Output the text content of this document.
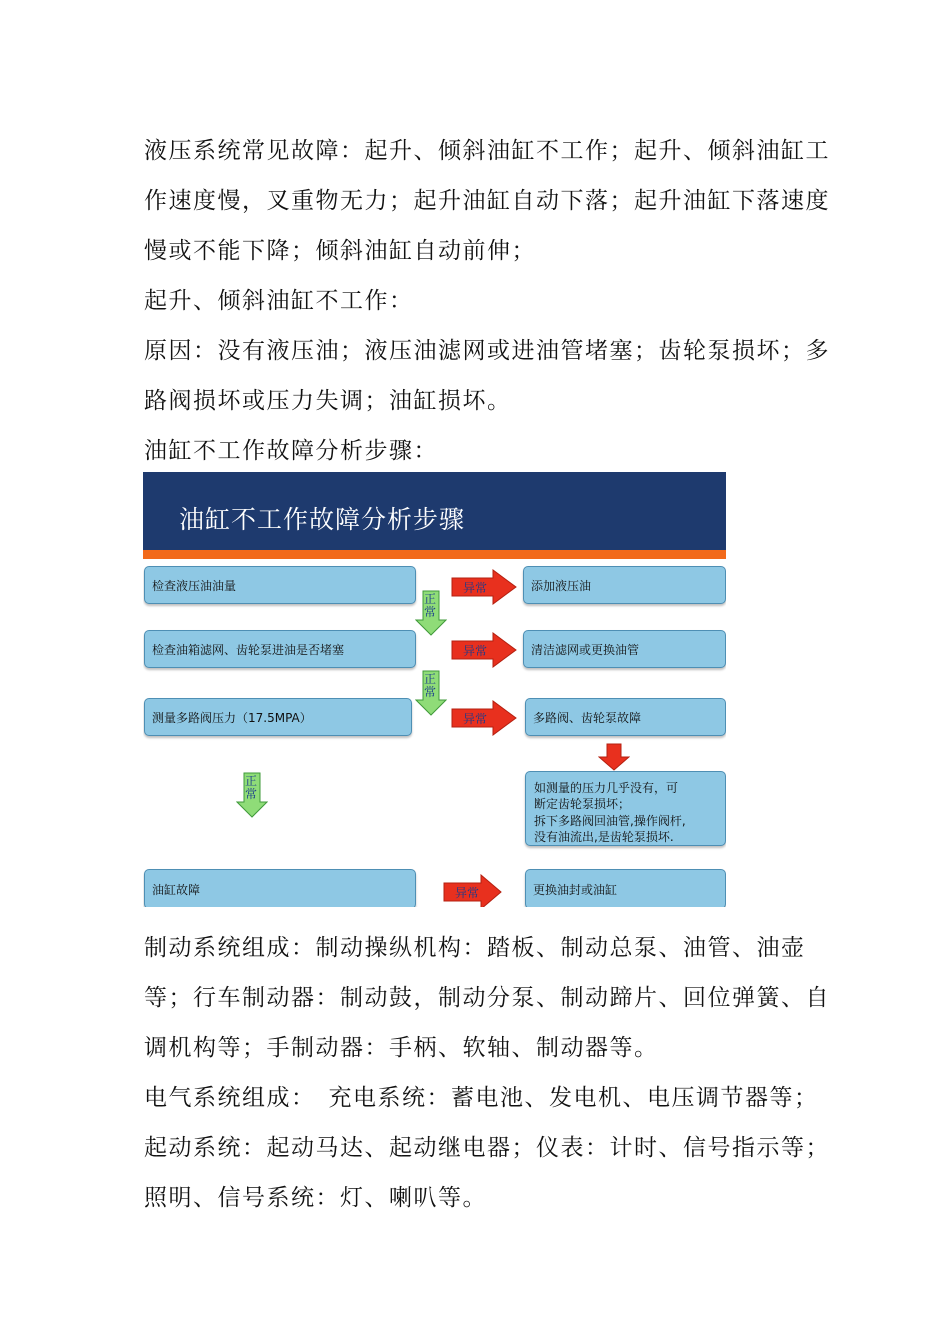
液压系统常见故障：起升、倾斜油缸不工作；起升、倾斜油缸工作速度慢，叉重物无力；起升油缸自动下落；起升油缸下落速度慢或不能下降；倾斜油缸自动前伸；

起升、倾斜油缸不工作：

原因：没有液压油；液压油滤网或进油管堵塞；齿轮泵损坏；多路阀损坏或压力失调；油缸损坏。

油缸不工作故障分析步骤：

油缸不工作故障分析步骤
检查液压油油量	异常	添加液压油
正常
检查油箱滤网、齿轮泵进油是否堵塞	异常	清洁滤网或更换油管
正常
测量多路阀压力（17.5MPA）	异常	多路阀、齿轮泵故障
如测量的压力几乎没有，可
断定齿轮泵损坏；
拆下多路阀回油管,操作阀杆,
没有油流出,是齿轮泵损坏.
正常
油缸故障	异常	更换油封或油缸

制动系统组成：制动操纵机构：踏板、制动总泵、油管、油壶等；行车制动器：制动鼓，制动分泵、制动蹄片、回位弹簧、自调机构等；手制动器：手柄、软轴、制动器等。

电气系统组成：　充电系统：蓄电池、发电机、电压调节器等；起动系统：起动马达、起动继电器；仪表：计时、信号指示等；照明、信号系统：灯、喇叭等。
